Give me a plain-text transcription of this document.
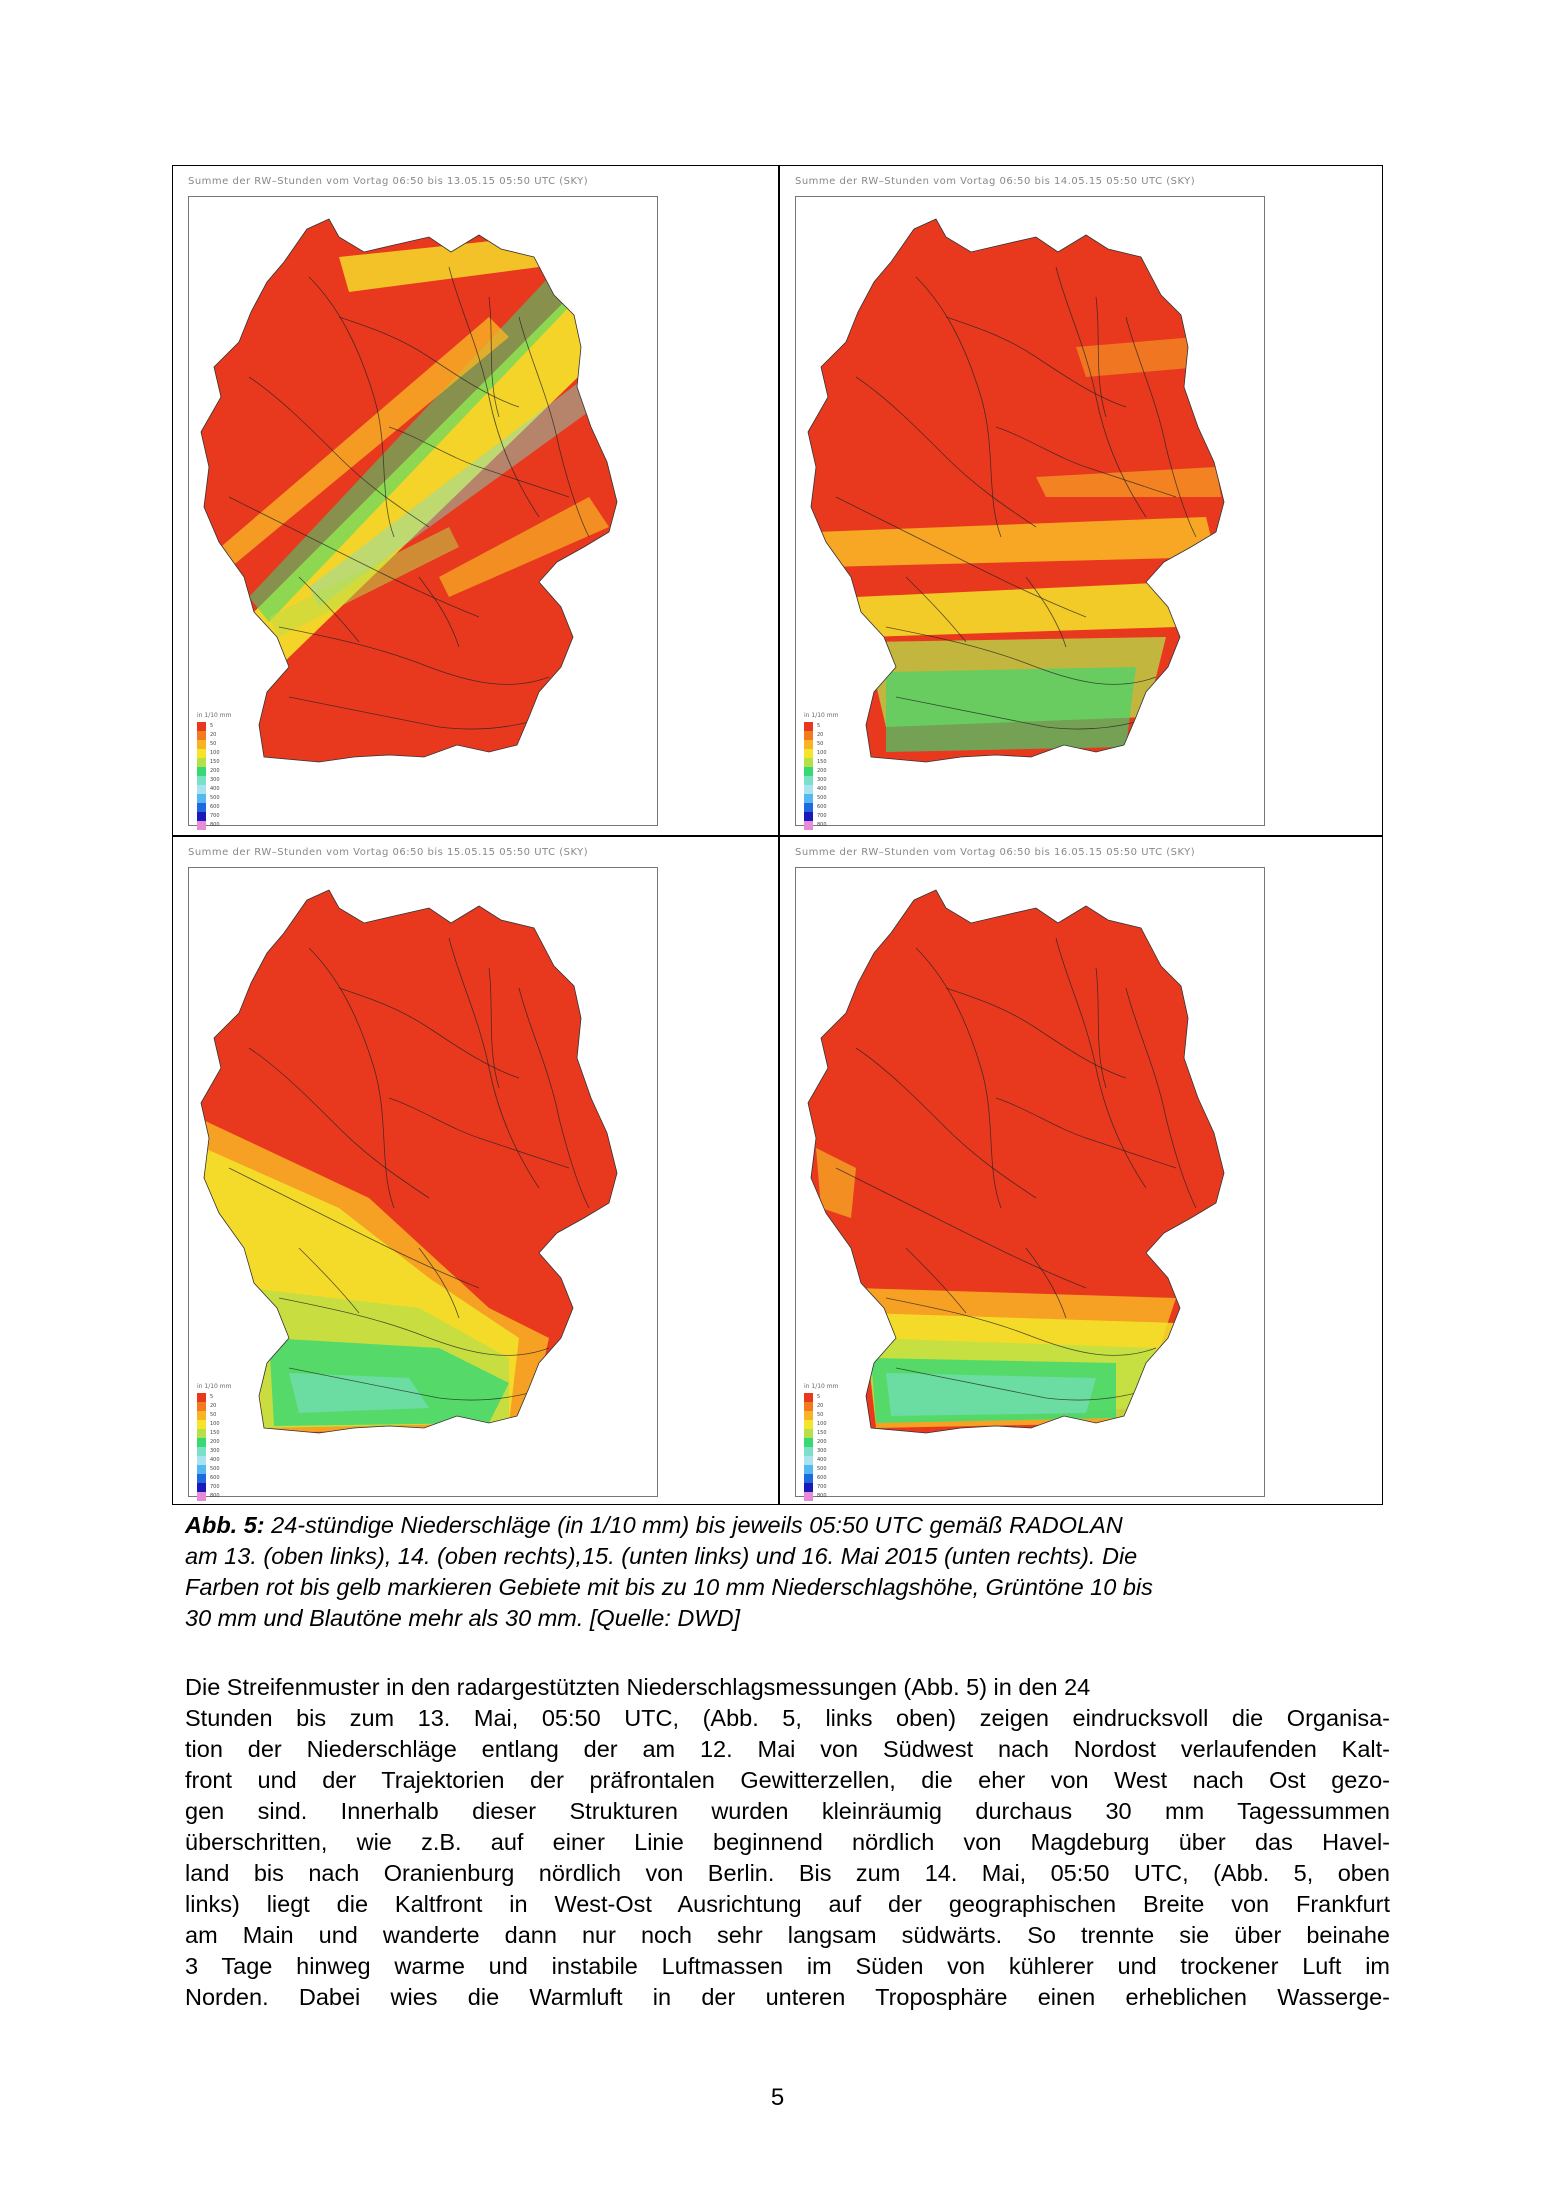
Summe der RW–Stunden vom Vortag 06:50 bis 13.05.15 05:50 UTC (SKY)
in 1/10 mm
5
20
50
100
150
200
300
400
500
600
700
800
Summe der RW–Stunden vom Vortag 06:50 bis 14.05.15 05:50 UTC (SKY)
in 1/10 mm
5
20
50
100
150
200
300
400
500
600
700
800
Summe der RW–Stunden vom Vortag 06:50 bis 15.05.15 05:50 UTC (SKY)
in 1/10 mm
5
20
50
100
150
200
300
400
500
600
700
800
Summe der RW–Stunden vom Vortag 06:50 bis 16.05.15 05:50 UTC (SKY)
in 1/10 mm
5
20
50
100
150
200
300
400
500
600
700
800
Abb. 5: 24-stündige Niederschläge (in 1/10 mm) bis jeweils 05:50 UTC gemäß RADOLAN
am 13. (oben links), 14. (oben rechts),15. (unten links) und 16. Mai 2015 (unten rechts). Die
Farben rot bis gelb markieren Gebiete mit bis zu 10 mm Niederschlagshöhe, Grüntöne 10 bis
30 mm und Blautöne mehr als 30 mm. [Quelle: DWD]
Die Streifenmuster in den radargestützten Niederschlagsmessungen (Abb. 5) in den 24
Stunden bis zum 13. Mai, 05:50 UTC, (Abb. 5, links oben) zeigen eindrucksvoll die Organisa-
tion der Niederschläge entlang der am 12. Mai von Südwest nach Nordost verlaufenden Kalt-
front und der Trajektorien der präfrontalen Gewitterzellen, die eher von West nach Ost gezo-
gen sind. Innerhalb dieser Strukturen wurden kleinräumig durchaus 30 mm Tagessummen
überschritten, wie z.B. auf einer Linie beginnend nördlich von Magdeburg über das Havel-
land bis nach Oranienburg nördlich von Berlin. Bis zum 14. Mai, 05:50 UTC, (Abb. 5, oben
links) liegt die Kaltfront in West-Ost Ausrichtung auf der geographischen Breite von Frankfurt
am Main und wanderte dann nur noch sehr langsam südwärts. So trennte sie über beinahe
3 Tage hinweg warme und instabile Luftmassen im Süden von kühlerer und trockener Luft im
Norden. Dabei wies die Warmluft in der unteren Troposphäre einen erheblichen Wasserge-
5
